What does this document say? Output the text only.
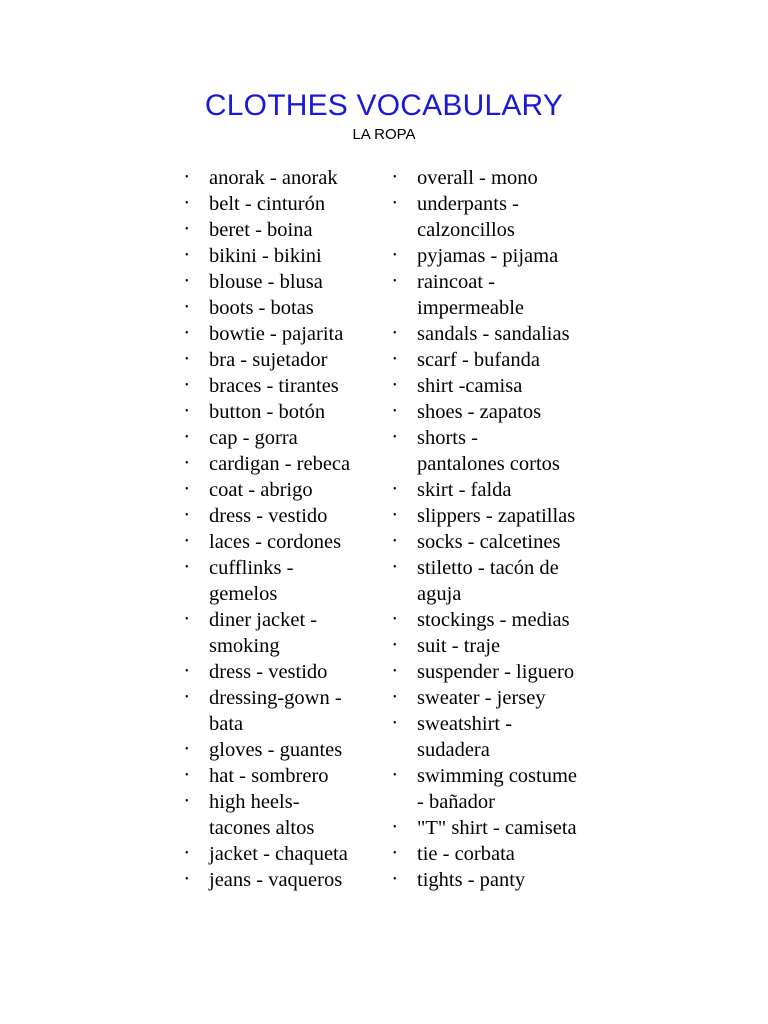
CLOTHES VOCABULARY
LA ROPA
• anorak - anorak
• belt - cinturón
• beret - boina
• bikini - bikini
• blouse - blusa
• boots - botas
• bowtie - pajarita
• bra - sujetador
• braces - tirantes
• button - botón
• cap - gorra
• cardigan - rebeca
• coat - abrigo
• dress - vestido
• laces - cordones
• cufflinks -
gemelos
• diner jacket -
smoking
• dress - vestido
• dressing-gown -
bata
• gloves - guantes
• hat - sombrero
• high heels-
tacones altos
• jacket - chaqueta
• jeans - vaqueros
• overall - mono
• underpants -
calzoncillos
• pyjamas - pijama
• raincoat -
impermeable
• sandals - sandalias
• scarf - bufanda
• shirt -camisa
• shoes - zapatos
• shorts -
pantalones cortos
• skirt - falda
• slippers - zapatillas
• socks - calcetines
• stiletto - tacón de
aguja
• stockings - medias
• suit - traje
• suspender - liguero
• sweater - jersey
• sweatshirt -
sudadera
• swimming costume
- bañador
• "T" shirt - camiseta
• tie - corbata
• tights - panty
